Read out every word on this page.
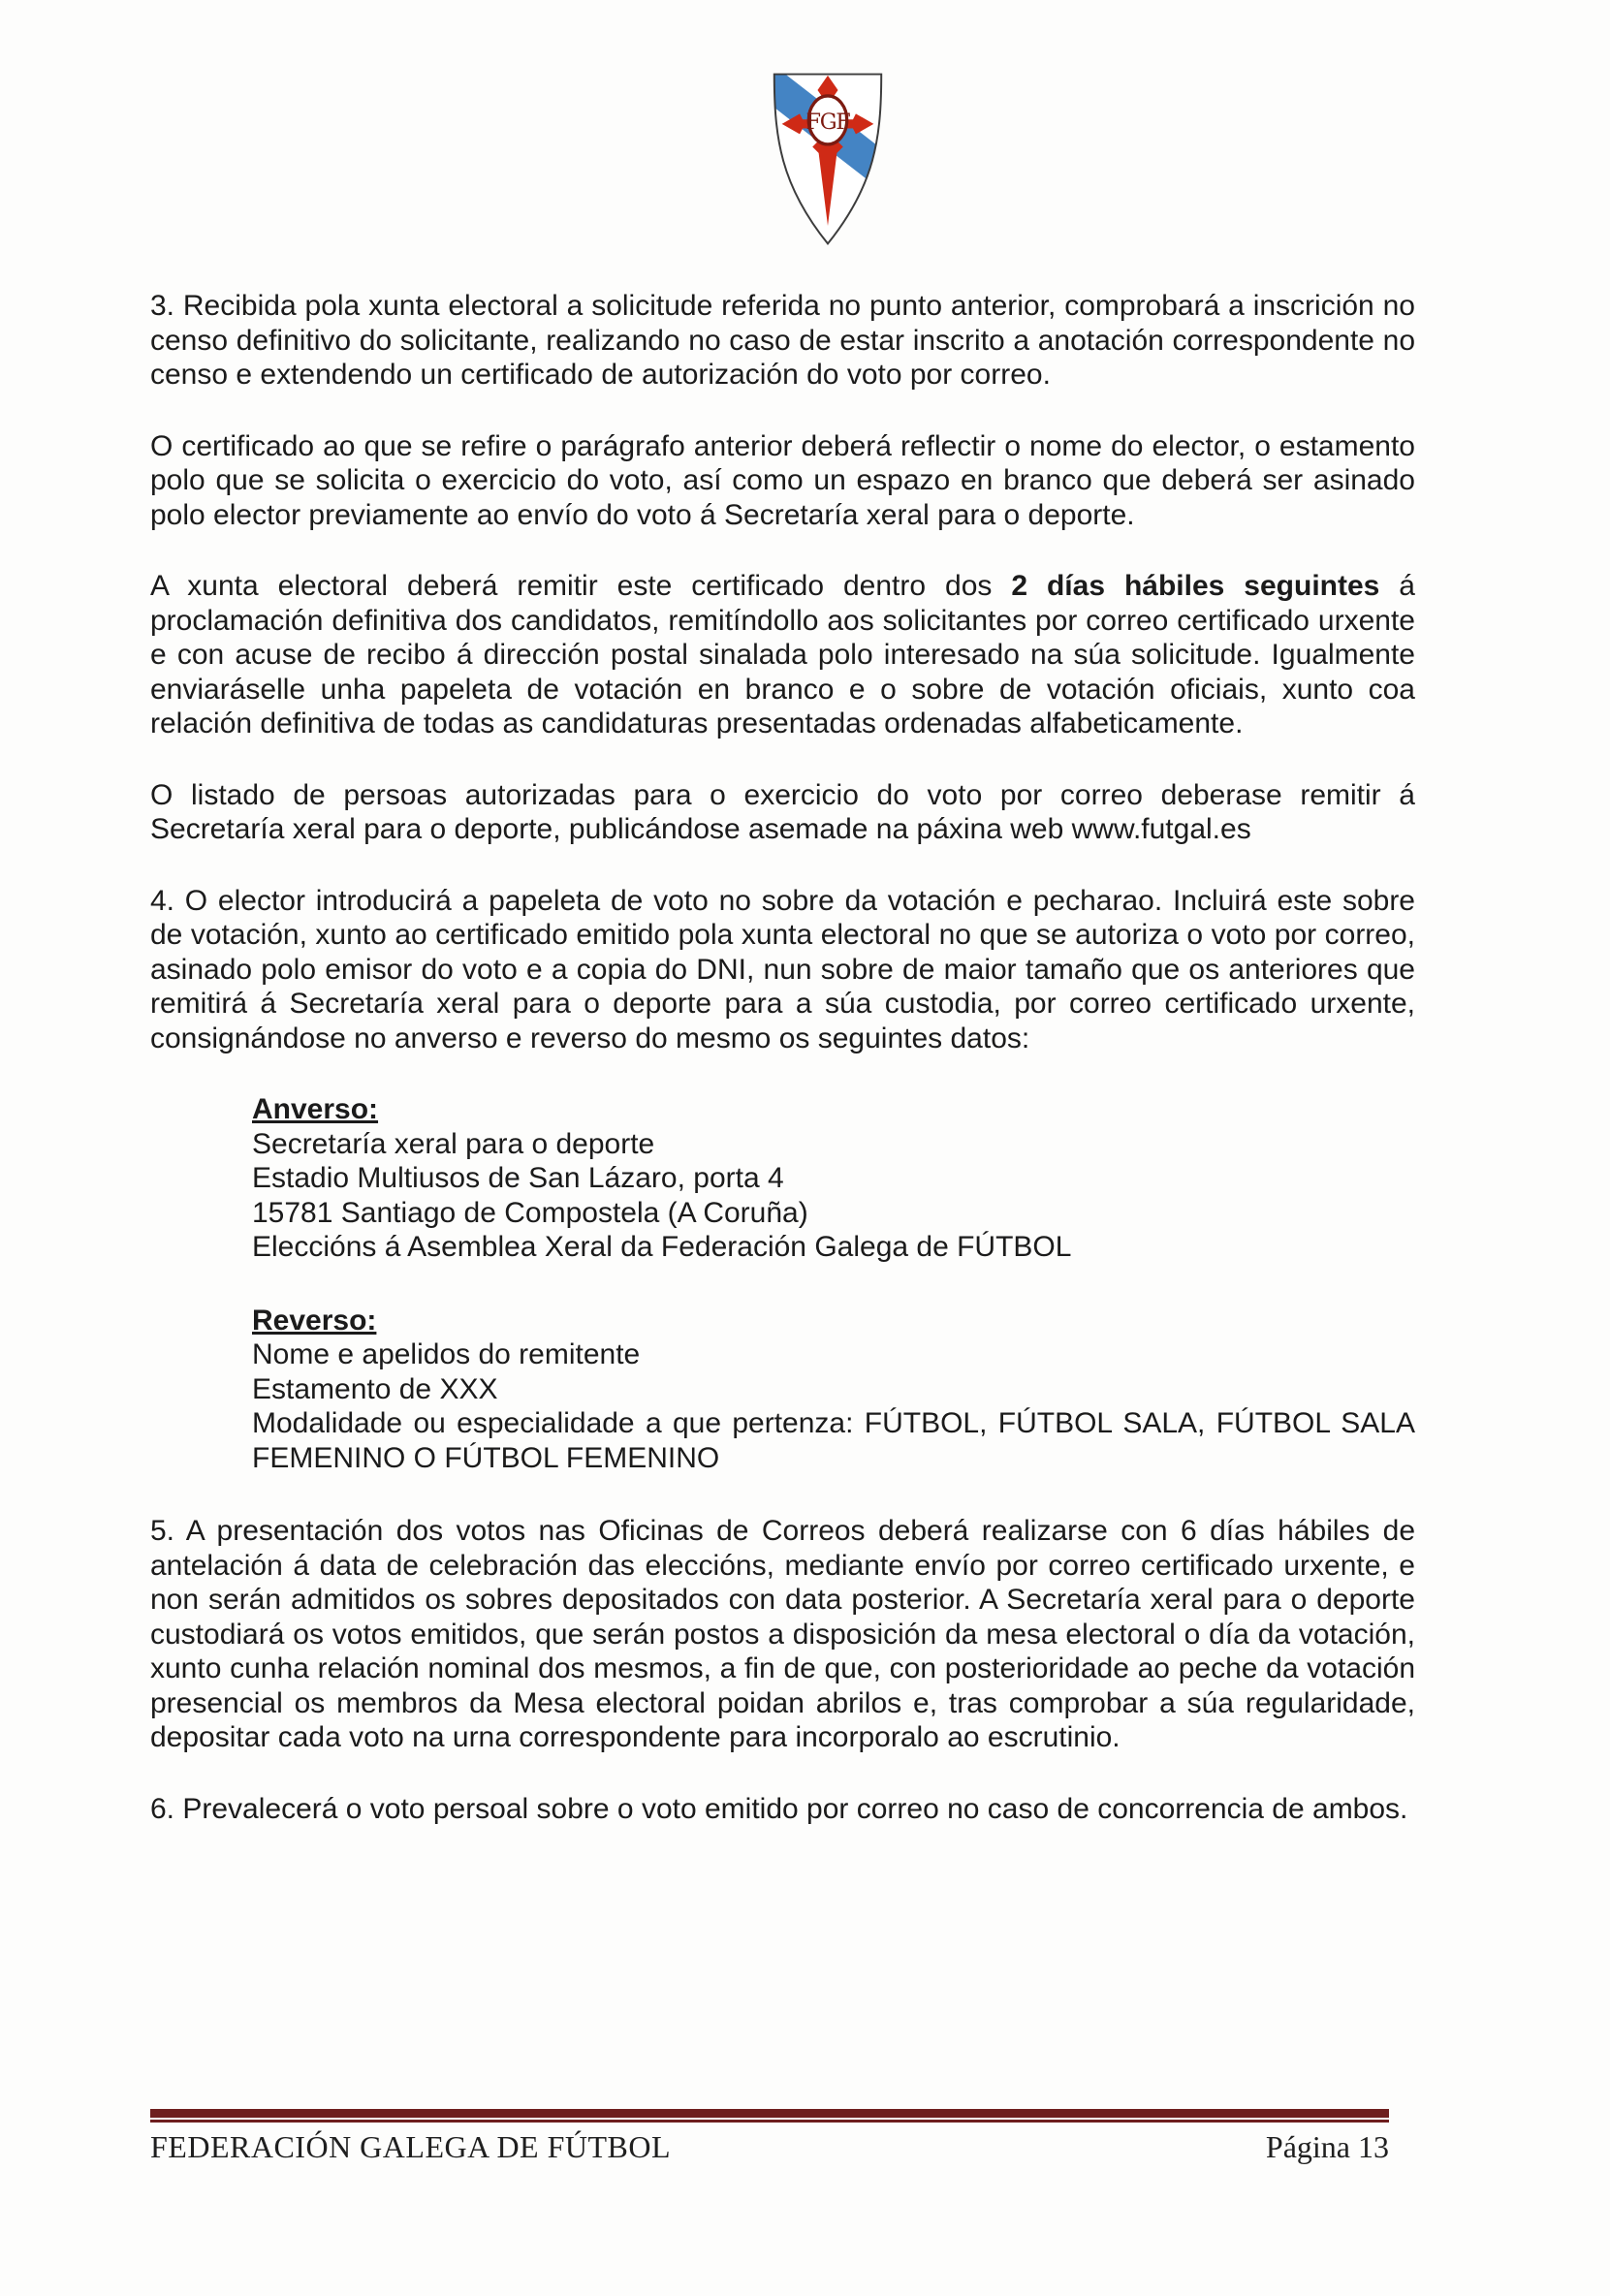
FGF

3. Recibida pola xunta electoral a solicitude referida no punto anterior, comprobará a inscrición no censo definitivo do solicitante, realizando no caso de estar inscrito a anotación correspondente no censo e extendendo un certificado de autorización do voto por correo.

O certificado ao que se refire o parágrafo anterior deberá reflectir o nome do elector, o estamento polo que se solicita o exercicio do voto, así como un espazo en branco que deberá ser asinado polo elector previamente ao envío do voto á Secretaría xeral para o deporte.

A xunta electoral deberá remitir este certificado dentro dos 2 días hábiles seguintes á proclamación definitiva dos candidatos, remitíndollo aos solicitantes por correo certificado urxente e con acuse de recibo á dirección postal sinalada polo interesado na súa solicitude. Igualmente enviaráselle unha papeleta de votación en branco e o sobre de votación oficiais, xunto coa relación definitiva de todas as candidaturas presentadas ordenadas alfabeticamente.

O listado de persoas autorizadas para o exercicio do voto por correo deberase remitir á Secretaría xeral para o deporte, publicándose asemade na páxina web www.futgal.es

4. O elector introducirá a papeleta de voto no sobre da votación e pecharao. Incluirá este sobre de votación, xunto ao certificado emitido pola xunta electoral no que se autoriza o voto por correo, asinado polo emisor do voto e a copia do DNI, nun sobre de maior tamaño que os anteriores que remitirá á Secretaría xeral para o deporte para a súa custodia, por correo certificado urxente, consignándose no anverso e reverso do mesmo os seguintes datos:

Anverso:
Secretaría xeral para o deporte
Estadio Multiusos de San Lázaro, porta 4
15781 Santiago de Compostela (A Coruña)
Eleccións á Asemblea Xeral da Federación Galega de FÚTBOL
Reverso:
Nome e apelidos do remitente
Estamento de XXX
Modalidade ou especialidade a que pertenza: FÚTBOL, FÚTBOL SALA, FÚTBOL SALA FEMENINO O FÚTBOL FEMENINO

5. A presentación dos votos nas Oficinas de Correos deberá realizarse con 6 días hábiles de antelación á data de celebración das eleccións, mediante envío por correo certificado urxente, e non serán admitidos os sobres depositados con data posterior. A Secretaría xeral para o deporte custodiará os votos emitidos, que serán postos a disposición da mesa electoral o día da votación, xunto cunha relación nominal dos mesmos, a fin de que, con posterioridade ao peche da votación presencial os membros da Mesa electoral poidan abrilos e, tras comprobar a súa regularidade, depositar cada voto na urna correspondente para incorporalo ao escrutinio.

6. Prevalecerá o voto persoal sobre o voto emitido por correo no caso de concorrencia de ambos.

FEDERACIÓN GALEGA DE FÚTBOL	Página 13
